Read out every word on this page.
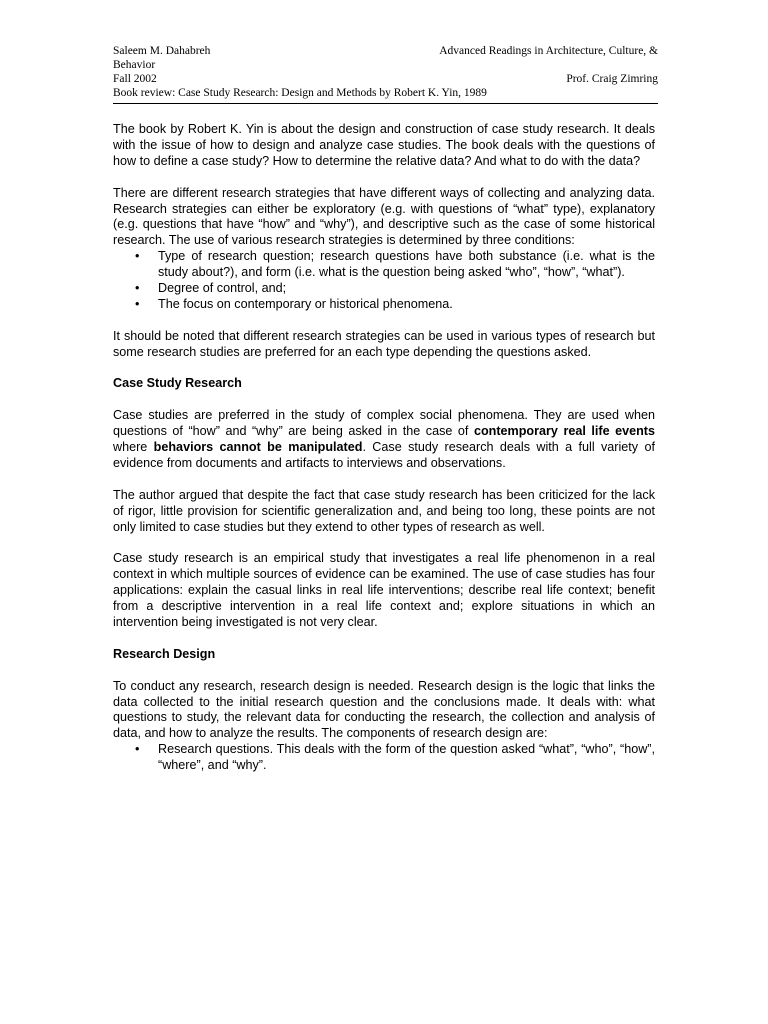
Saleem M. Dahabreh	Advanced Readings in Architecture, Culture, &
Behavior
Fall 2002	Prof. Craig Zimring
Book review: Case Study Research: Design and Methods by Robert K. Yin, 1989

The book by Robert K. Yin is about the design and construction of case study research. It deals with the issue of how to design and analyze case studies. The book deals with the questions of how to define a case study? How to determine the relative data? And what to do with the data?

There are different research strategies that have different ways of collecting and analyzing data. Research strategies can either be exploratory (e.g. with questions of “what” type), explanatory (e.g. questions that have “how” and “why”), and descriptive such as the case of some historical research. The use of various research strategies is determined by three conditions:

• Type of research question; research questions have both substance (i.e. what is the study about?), and form (i.e. what is the question being asked “who”, “how”, “what”).
• Degree of control, and;
• The focus on contemporary or historical phenomena.

It should be noted that different research strategies can be used in various types of research but some research studies are preferred for an each type depending the questions asked.

Case Study Research

Case studies are preferred in the study of complex social phenomena. They are used when questions of “how” and “why” are being asked in the case of contemporary real life events where behaviors cannot be manipulated. Case study research deals with a full variety of evidence from documents and artifacts to interviews and observations.

The author argued that despite the fact that case study research has been criticized for the lack of rigor, little provision for scientific generalization and, and being too long, these points are not only limited to case studies but they extend to other types of research as well.

Case study research is an empirical study that investigates a real life phenomenon in a real context in which multiple sources of evidence can be examined. The use of case studies has four applications: explain the casual links in real life interventions; describe real life context; benefit from a descriptive intervention in a real life context and; explore situations in which an intervention being investigated is not very clear.

Research Design

To conduct any research, research design is needed. Research design is the logic that links the data collected to the initial research question and the conclusions made. It deals with: what questions to study, the relevant data for conducting the research, the collection and analysis of data, and how to analyze the results. The components of research design are:

• Research questions. This deals with the form of the question asked “what”, “who”, “how”, “where”, and “why”.
